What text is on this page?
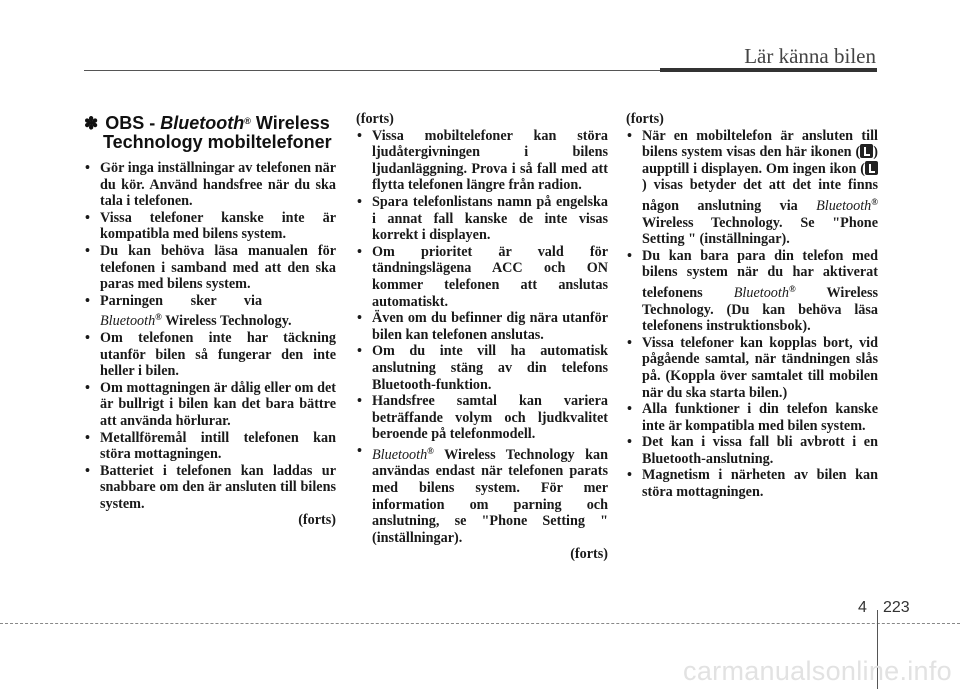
Lär känna bilen
✽ OBS - Bluetooth® Wireless
Technology mobiltelefoner

• Gör inga inställningar av telefonen när du kör. Använd handsfree när du ska tala i telefonen.

• Vissa telefoner kanske inte är kompatibla med bilens system.

• Du kan behöva läsa manualen för telefonen i samband med att den ska paras med bilens system.

• Parningen sker via Bluetooth® Wireless Technology.

• Om telefonen inte har täckning utanför bilen så fungerar den inte heller i bilen.

• Om mottagningen är dålig eller om det är bullrigt i bilen kan det bara bättre att använda hörlurar.

• Metallföremål intill telefonen kan störa mottagningen.

• Batteriet i telefonen kan laddas ur snabbare om den är ansluten till bilens system.

(forts)

(forts)

• Vissa mobiltelefoner kan störa ljudåtergivningen i bilens ljudanläggning. Prova i så fall med att flytta telefonen längre från radion.

• Spara telefonlistans namn på engelska i annat fall kanske de inte visas korrekt i displayen.

• Om prioritet är vald för tändningslägena ACC och ON kommer telefonen att anslutas automatiskt.

• Även om du befinner dig nära utanför bilen kan telefonen anslutas.

• Om du inte vill ha automatisk anslutning stäng av din telefons Bluetooth-funktion.

• Handsfree samtal kan variera beträffande volym och ljudkvalitet beroende på telefonmodell.

• Bluetooth® Wireless Technology kan användas endast när telefonen parats med bilens system. För mer information om parning och anslutning, se "Phone Setting " (inställningar).

(forts)

(forts)

• När en mobiltelefon är ansluten till bilens system visas den här ikonen ( ) aupptill i displayen. Om ingen ikon () visas betyder det att det inte finns någon anslutning via Bluetooth® Wireless Technology. Se "Phone Setting " (inställningar).

• Du kan bara para din telefon med bilens system när du har aktiverat telefonens Bluetooth® Wireless Technology. (Du kan behöva läsa telefonens instruktionsbok).

• Vissa telefoner kan kopplas bort, vid pågående samtal, när tändningen slås på. (Koppla över samtalet till mobilen när du ska starta bilen.)

• Alla funktioner i din telefon kanske inte är kompatibla med bilen system.

• Det kan i vissa fall bli avbrott i en Bluetooth-anslutning.

• Magnetism i närheten av bilen kan störa mottagningen.

4 223
carmanualsonline.info
